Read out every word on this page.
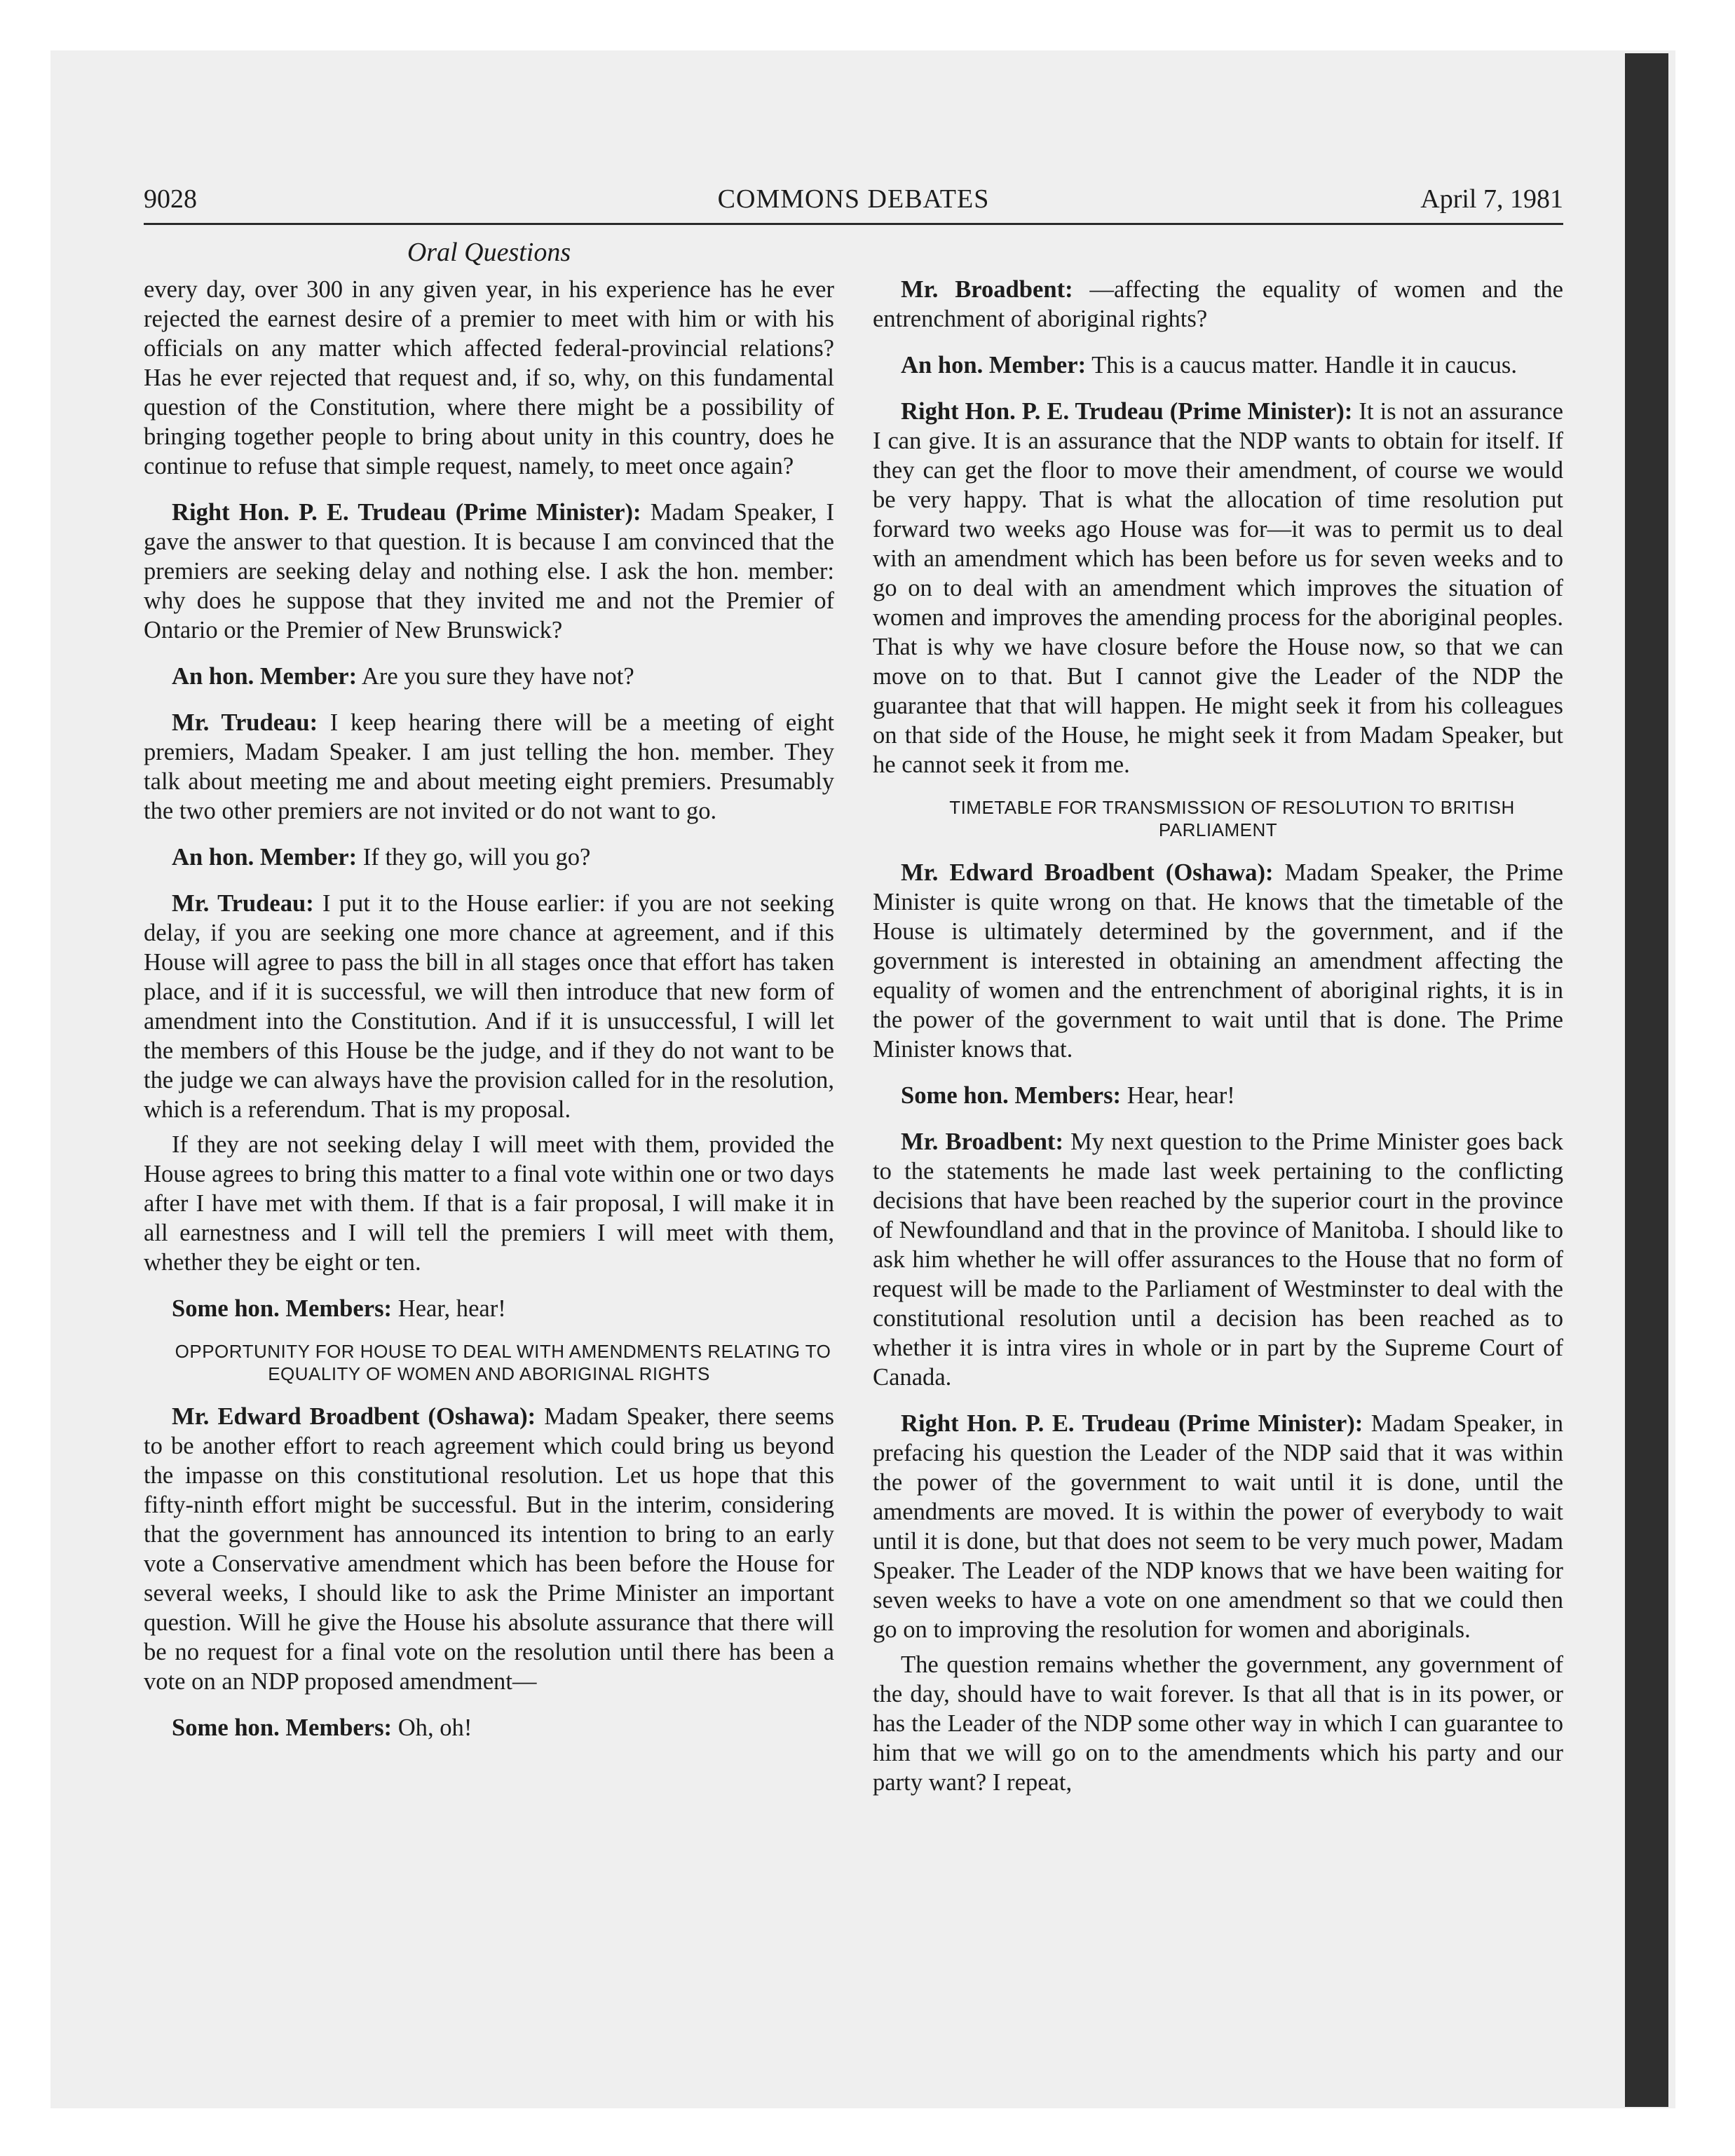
9028	COMMONS DEBATES	April 7, 1981
Oral Questions

every day, over 300 in any given year, in his experience has he ever rejected the earnest desire of a premier to meet with him or with his officials on any matter which affected federal-provincial relations? Has he ever rejected that request and, if so, why, on this fundamental question of the Constitution, where there might be a possibility of bringing together people to bring about unity in this country, does he continue to refuse that simple request, namely, to meet once again?

Right Hon. P. E. Trudeau (Prime Minister): Madam Speaker, I gave the answer to that question. It is because I am convinced that the premiers are seeking delay and nothing else. I ask the hon. member: why does he suppose that they invited me and not the Premier of Ontario or the Premier of New Brunswick?

An hon. Member: Are you sure they have not?

Mr. Trudeau: I keep hearing there will be a meeting of eight premiers, Madam Speaker. I am just telling the hon. member. They talk about meeting me and about meeting eight premiers. Presumably the two other premiers are not invited or do not want to go.

An hon. Member: If they go, will you go?

Mr. Trudeau: I put it to the House earlier: if you are not seeking delay, if you are seeking one more chance at agreement, and if this House will agree to pass the bill in all stages once that effort has taken place, and if it is successful, we will then introduce that new form of amendment into the Constitution. And if it is unsuccessful, I will let the members of this House be the judge, and if they do not want to be the judge we can always have the provision called for in the resolution, which is a referendum. That is my proposal.

If they are not seeking delay I will meet with them, provided the House agrees to bring this matter to a final vote within one or two days after I have met with them. If that is a fair proposal, I will make it in all earnestness and I will tell the premiers I will meet with them, whether they be eight or ten.

Some hon. Members: Hear, hear!

OPPORTUNITY FOR HOUSE TO DEAL WITH AMENDMENTS RELATING TO EQUALITY OF WOMEN AND ABORIGINAL RIGHTS

Mr. Edward Broadbent (Oshawa): Madam Speaker, there seems to be another effort to reach agreement which could bring us beyond the impasse on this constitutional resolution. Let us hope that this fifty-ninth effort might be successful. But in the interim, considering that the government has announced its intention to bring to an early vote a Conservative amendment which has been before the House for several weeks, I should like to ask the Prime Minister an important question. Will he give the House his absolute assurance that there will be no request for a final vote on the resolution until there has been a vote on an NDP proposed amendment—

Some hon. Members: Oh, oh!

Mr. Broadbent: —affecting the equality of women and the entrenchment of aboriginal rights?

An hon. Member: This is a caucus matter. Handle it in caucus.

Right Hon. P. E. Trudeau (Prime Minister): It is not an assurance I can give. It is an assurance that the NDP wants to obtain for itself. If they can get the floor to move their amendment, of course we would be very happy. That is what the allocation of time resolution put forward two weeks ago House was for—it was to permit us to deal with an amendment which has been before us for seven weeks and to go on to deal with an amendment which improves the situation of women and improves the amending process for the aboriginal peoples. That is why we have closure before the House now, so that we can move on to that. But I cannot give the Leader of the NDP the guarantee that that will happen. He might seek it from his colleagues on that side of the House, he might seek it from Madam Speaker, but he cannot seek it from me.

TIMETABLE FOR TRANSMISSION OF RESOLUTION TO BRITISH PARLIAMENT

Mr. Edward Broadbent (Oshawa): Madam Speaker, the Prime Minister is quite wrong on that. He knows that the timetable of the House is ultimately determined by the government, and if the government is interested in obtaining an amendment affecting the equality of women and the entrenchment of aboriginal rights, it is in the power of the government to wait until that is done. The Prime Minister knows that.

Some hon. Members: Hear, hear!

Mr. Broadbent: My next question to the Prime Minister goes back to the statements he made last week pertaining to the conflicting decisions that have been reached by the superior court in the province of Newfoundland and that in the province of Manitoba. I should like to ask him whether he will offer assurances to the House that no form of request will be made to the Parliament of Westminster to deal with the constitutional resolution until a decision has been reached as to whether it is intra vires in whole or in part by the Supreme Court of Canada.

Right Hon. P. E. Trudeau (Prime Minister): Madam Speaker, in prefacing his question the Leader of the NDP said that it was within the power of the government to wait until it is done, until the amendments are moved. It is within the power of everybody to wait until it is done, but that does not seem to be very much power, Madam Speaker. The Leader of the NDP knows that we have been waiting for seven weeks to have a vote on one amendment so that we could then go on to improving the resolution for women and aboriginals.

The question remains whether the government, any government of the day, should have to wait forever. Is that all that is in its power, or has the Leader of the NDP some other way in which I can guarantee to him that we will go on to the amendments which his party and our party want? I repeat,
